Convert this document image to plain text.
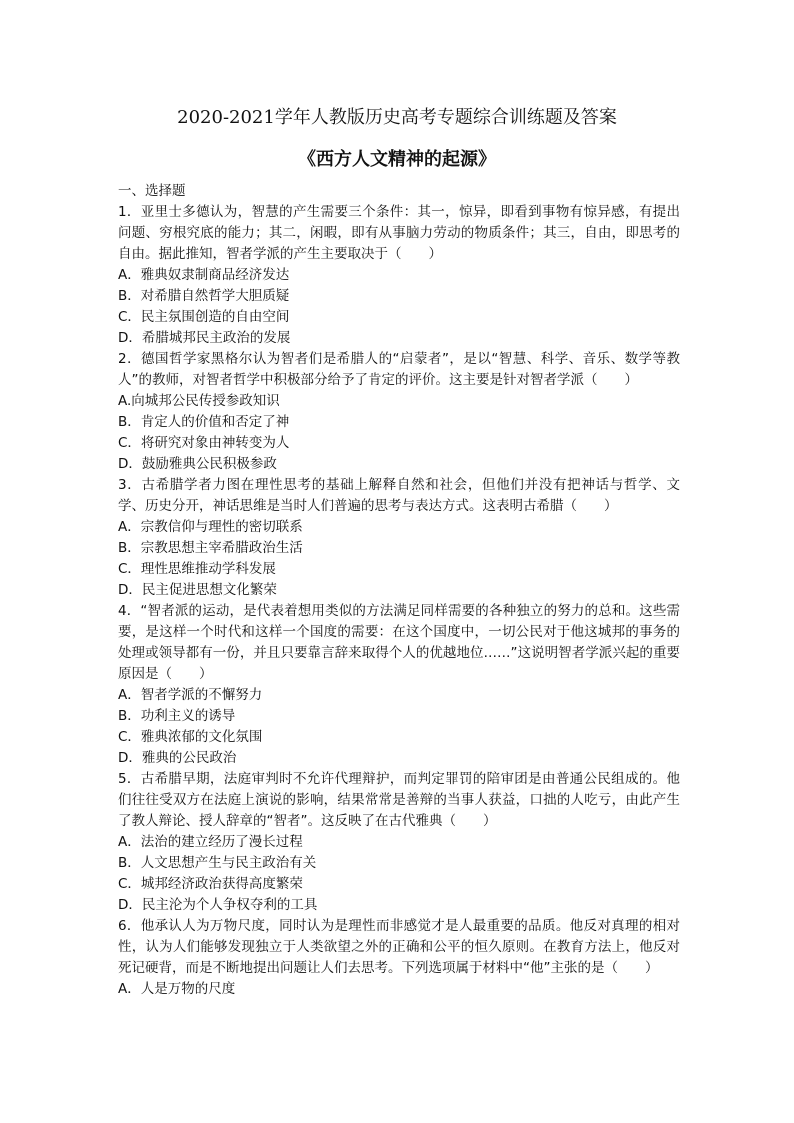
2020-2021学年人教版历史高考专题综合训练题及答案
《西方人文精神的起源》

一、选择题

1．亚里士多德认为，智慧的产生需要三个条件：其一，惊异，即看到事物有惊异感，有提出问题、穷根究底的能力；其二，闲暇，即有从事脑力劳动的物质条件；其三，自由，即思考的自由。据此推知，智者学派的产生主要取决于（　　）

A．雅典奴隶制商品经济发达

B．对希腊自然哲学大胆质疑

C．民主氛围创造的自由空间

D．希腊城邦民主政治的发展

2．德国哲学家黑格尔认为智者们是希腊人的“启蒙者”，是以“智慧、科学、音乐、数学等教人”的教师，对智者哲学中积极部分给予了肯定的评价。这主要是针对智者学派（　　）

A.向城邦公民传授参政知识

B．肯定人的价值和否定了神

C．将研究对象由神转变为人

D．鼓励雅典公民积极参政

3．古希腊学者力图在理性思考的基础上解释自然和社会，但他们并没有把神话与哲学、文学、历史分开，神话思维是当时人们普遍的思考与表达方式。这表明古希腊（　　）

A．宗教信仰与理性的密切联系

B．宗教思想主宰希腊政治生活

C．理性思维推动学科发展

D．民主促进思想文化繁荣

4．“智者派的运动，是代表着想用类似的方法满足同样需要的各种独立的努力的总和。这些需要，是这样一个时代和这样一个国度的需要：在这个国度中，一切公民对于他这城邦的事务的处理或领导都有一份，并且只要靠言辞来取得个人的优越地位……”这说明智者学派兴起的重要原因是（　　）

A．智者学派的不懈努力

B．功利主义的诱导

C．雅典浓郁的文化氛围

D．雅典的公民政治

5．古希腊早期，法庭审判时不允许代理辩护，而判定罪罚的陪审团是由普通公民组成的。他们往往受双方在法庭上演说的影响，结果常常是善辩的当事人获益，口拙的人吃亏，由此产生了教人辩论、授人辞章的“智者”。这反映了在古代雅典（　　）

A．法治的建立经历了漫长过程

B．人文思想产生与民主政治有关

C．城邦经济政治获得高度繁荣

D．民主沦为个人争权夺利的工具

6．他承认人为万物尺度，同时认为是理性而非感觉才是人最重要的品质。他反对真理的相对性，认为人们能够发现独立于人类欲望之外的正确和公平的恒久原则。在教育方法上，他反对死记硬背，而是不断地提出问题让人们去思考。下列选项属于材料中“他”主张的是（　　）

A．人是万物的尺度
